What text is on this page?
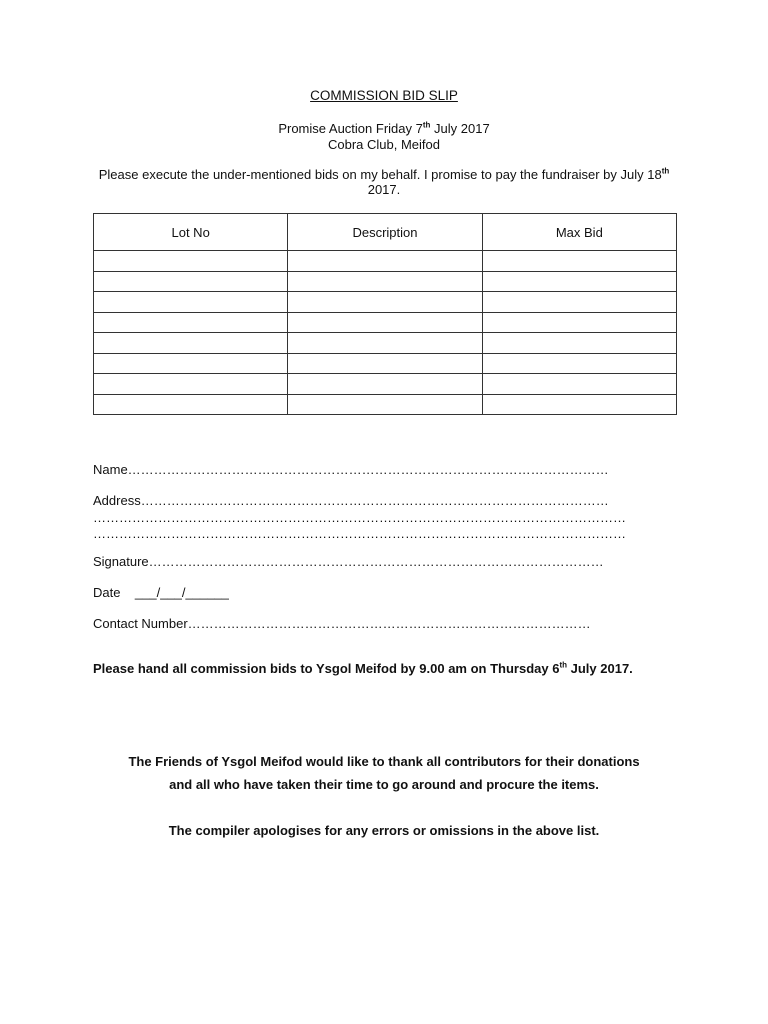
COMMISSION BID SLIP
Promise Auction Friday 7th July 2017
Cobra Club, Meifod
Please execute the under-mentioned bids on my behalf. I promise to pay the fundraiser by July 18th 2017.
Lot No	Description	Max Bid

Name…………………………………………………………………………………………………
Address………………………………………………………………………………………………
……………………………………………………………………………………………………………
……………………………………………………………………………………………………………
Signature……………………………………………………………………………………………
Date    ___/___/______
Contact Number…………………………………………………………………………………
Please hand all commission bids to Ysgol Meifod by 9.00 am on Thursday 6th July 2017.
The Friends of Ysgol Meifod would like to thank all contributors for their donations
and all who have taken their time to go around and procure the items.
The compiler apologises for any errors or omissions in the above list.
